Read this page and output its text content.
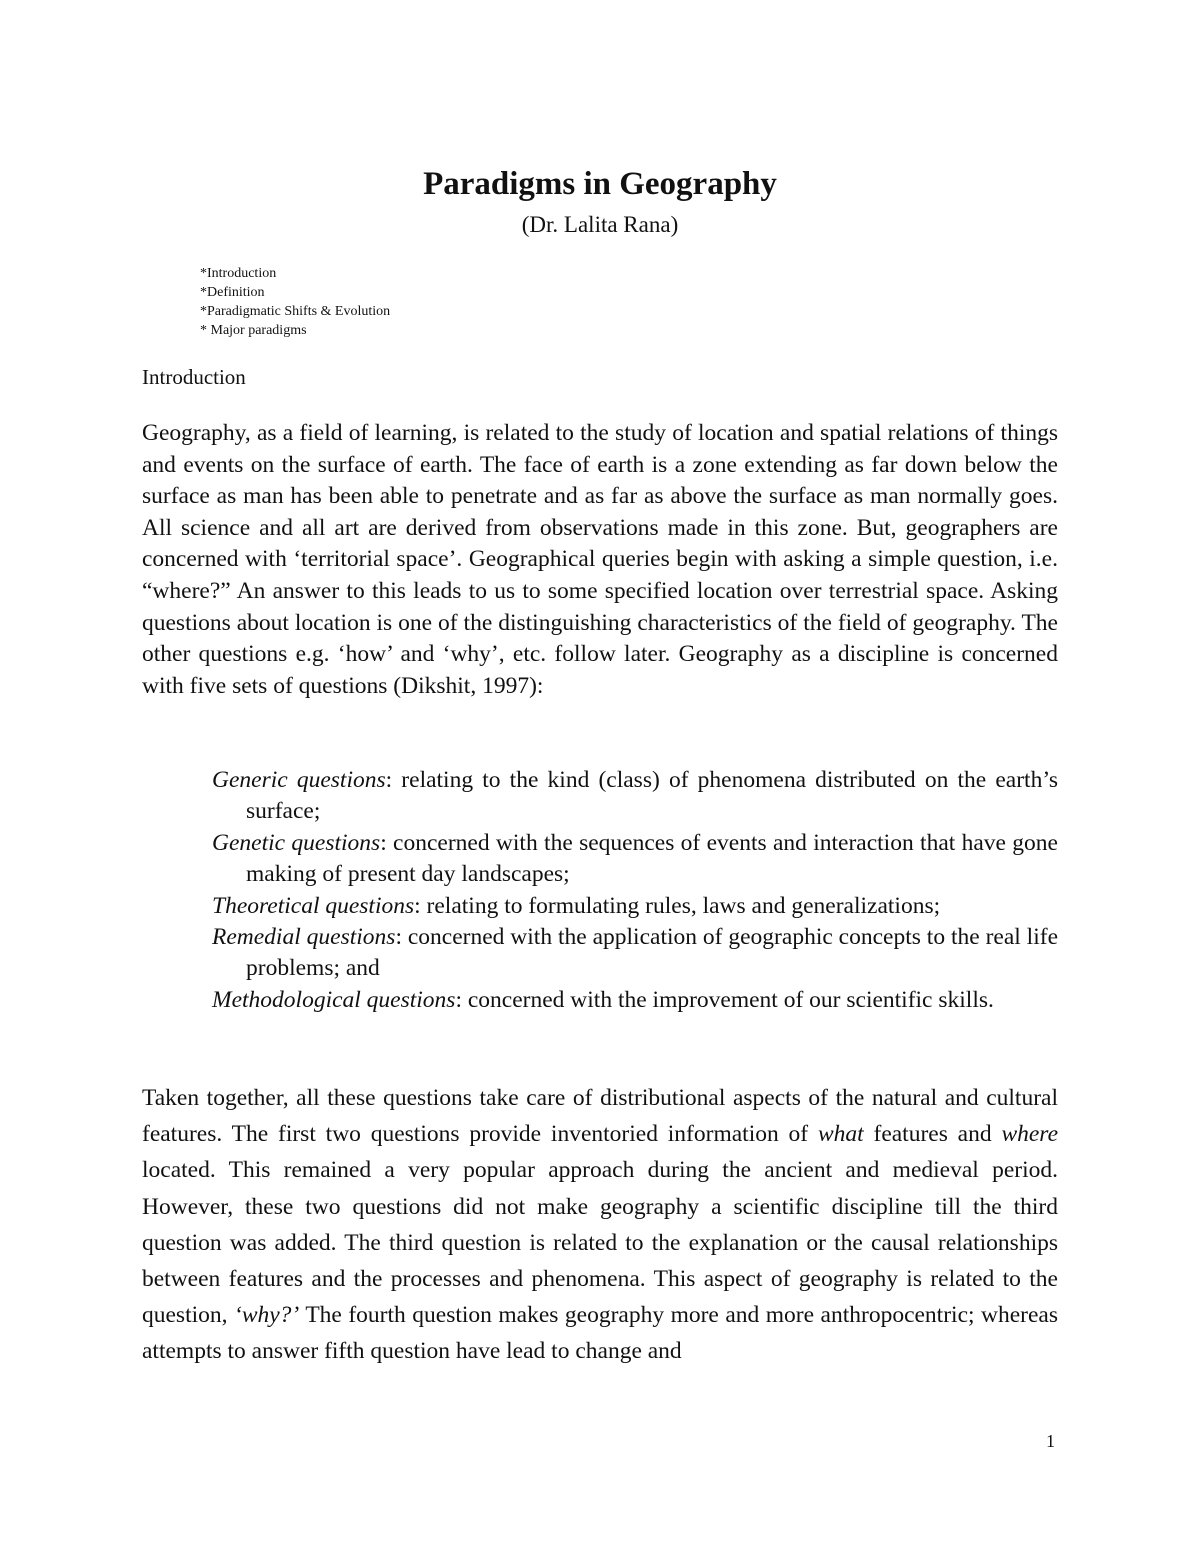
Paradigms in Geography
(Dr. Lalita Rana)
*Introduction
*Definition
*Paradigmatic Shifts & Evolution
* Major paradigms
Introduction

Geography, as a field of learning, is related to the study of location and spatial relations of things and events on the surface of earth. The face of earth is a zone extending as far down below the surface as man has been able to penetrate and as far as above the surface as man normally goes. All science and all art are derived from observations made in this zone. But, geographers are concerned with ‘territorial space’. Geographical queries begin with asking a simple question, i.e. “where?” An answer to this leads to us to some specified location over terrestrial space. Asking questions about location is one of the distinguishing characteristics of the field of geography. The other questions e.g. ‘how’ and ‘why’, etc. follow later. Geography as a discipline is concerned with five sets of questions (Dikshit, 1997):

Generic questions: relating to the kind (class) of phenomena distributed on the earth’s surface;
Genetic questions: concerned with the sequences of events and interaction that have gone making of present day landscapes;
Theoretical questions: relating to formulating rules, laws and generalizations;
Remedial questions: concerned with the application of geographic concepts to the real life problems; and
Methodological questions: concerned with the improvement of our scientific skills.

Taken together, all these questions take care of distributional aspects of the natural and cultural features. The first two questions provide inventoried information of what features and where located. This remained a very popular approach during the ancient and medieval period. However, these two questions did not make geography a scientific discipline till the third question was added. The third question is related to the explanation or the causal relationships between features and the processes and phenomena. This aspect of geography is related to the question, ‘why?’ The fourth question makes geography more and more anthropocentric; whereas attempts to answer fifth question have lead to change and

1
